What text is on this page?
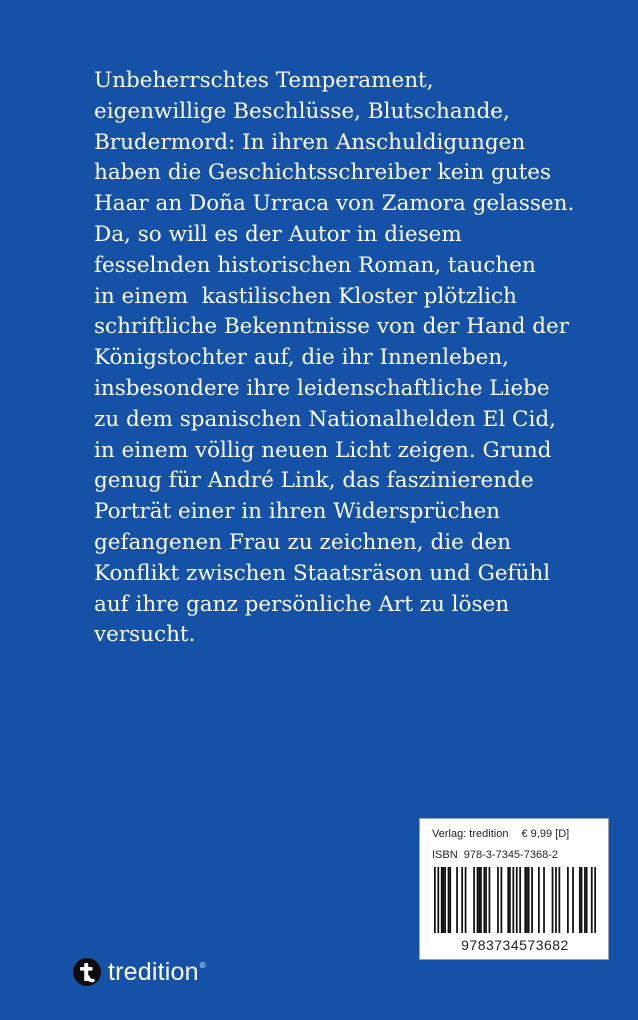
Unbeherrschtes Temperament,
eigenwillige Beschlüsse, Blutschande,
Brudermord: In ihren Anschuldigungen
haben die Geschichtsschreiber kein gutes
Haar an Doña Urraca von Zamora gelassen.
Da, so will es der Autor in diesem
fesselnden historischen Roman, tauchen
in einem  kastilischen Kloster plötzlich
schriftliche Bekenntnisse von der Hand der
Königstochter auf, die ihr Innenleben,
insbesondere ihre leidenschaftliche Liebe
zu dem spanischen Nationalhelden El Cid,
in einem völlig neuen Licht zeigen. Grund
genug für André Link, das faszinierende
Porträt einer in ihren Widersprüchen
gefangenen Frau zu zeichnen, die den
Konflikt zwischen Staatsräson und Gefühl
auf ihre ganz persönliche Art zu lösen
versucht.
Verlag: tredition € 9,99 [D]
ISBN  978-3-7345-7368-2
9783734573682
tredition ®
